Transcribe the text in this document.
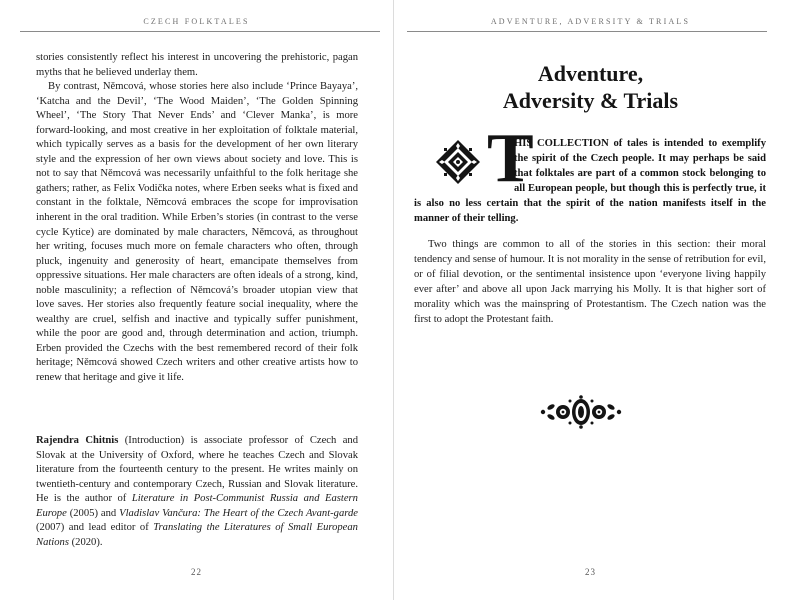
CZECH FOLKTALES

stories consistently reflect his interest in uncovering the prehistoric, pagan myths that he believed underlay them.

By contrast, Němcová, whose stories here also include ‘Prince Bayaya’, ‘Katcha and the Devil’, ‘The Wood Maiden’, ‘The Golden Spinning Wheel’, ‘The Story That Never Ends’ and ‘Clever Manka’, is more forward-looking, and most creative in her exploitation of folktale material, which typically serves as a basis for the development of her own literary style and the expression of her own views about society and love. This is not to say that Němcová was necessarily unfaithful to the folk heritage she gathers; rather, as Felix Vodička notes, where Erben seeks what is fixed and constant in the folktale, Němcová embraces the scope for improvisation inherent in the oral tradition. While Erben’s stories (in contrast to the verse cycle Kytice) are dominated by male characters, Němcová, as throughout her writing, focuses much more on female characters who often, through pluck, ingenuity and generosity of heart, emancipate themselves from oppressive situations. Her male characters are often ideals of a strong, kind, noble masculinity; a reflection of Němcová’s broader utopian view that love saves. Her stories also frequently feature social inequality, where the wealthy are cruel, selfish and inactive and typically suffer punishment, while the poor are good and, through determination and action, triumph. Erben provided the Czechs with the best remembered record of their folk heritage; Němcová showed Czech writers and other creative artists how to renew that heritage and give it life.

Rajendra Chitnis (Introduction) is associate professor of Czech and Slovak at the University of Oxford, where he teaches Czech and Slovak literature from the fourteenth century to the present. He writes mainly on twentieth-century and contemporary Czech, Russian and Slovak literature. He is the author of Literature in Post-Communist Russia and Eastern Europe (2005) and Vladislav Vančura: The Heart of the Czech Avant-garde (2007) and lead editor of Translating the Literatures of Small European Nations (2020).

22
ADVENTURE, ADVERSITY & TRIALS
Adventure,
Adversity & Trials
T

HIS COLLECTION of tales is intended to exemplify the spirit of the Czech people. It may perhaps be said that folktales are part of a common stock belonging to all European people, but though this is perfectly true, it is also no less certain that the spirit of the nation manifests itself in the manner of their telling.

Two things are common to all of the stories in this section: their moral tendency and sense of humour. It is not morality in the sense of retribution for evil, or of filial devotion, or the sentimental insistence upon ‘everyone living happily ever after’ and above all upon Jack marrying his Molly. It is that higher sort of morality which was the mainspring of Protestantism. The Czech nation was the first to adopt the Protestant faith.

23
